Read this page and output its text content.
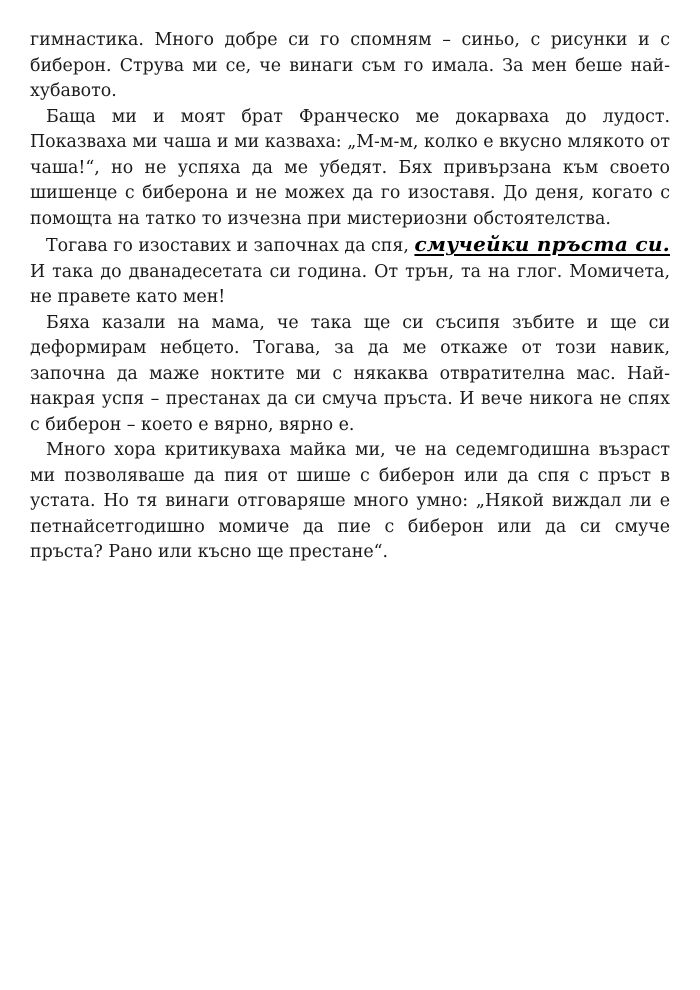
гимнастика. Много добре си го спомням – синьо, с рисунки и с биберон. Струва ми се, че винаги съм го имала. За мен беше най-хубавото.

Баща ми и моят брат Франческо ме докарваха до лудост. Показваха ми чаша и ми казваха: „М-м-м, колко е вкусно млякото от чаша!“, но не успяха да ме убедят. Бях привързана към своето шишенце с биберона и не можех да го изоставя. До деня, когато с помощта на татко то изчезна при мистериозни обстоятелства.

Тогава го изоставих и започнах да спя, смучейки пръста си. И така до дванадесетата си година. От трън, та на глог. Момичета, не правете като мен!

Бяха казали на мама, че така ще си съсипя зъбите и ще си деформирам небцето. Тогава, за да ме откаже от този навик, започна да маже ноктите ми с някаква отвратителна мас. Най-накрая успя – престанах да си смуча пръста. И вече никога не спях с биберон – което е вярно, вярно е.

Много хора критикуваха майка ми, че на седемгодишна възраст ми позволяваше да пия от шише с биберон или да спя с пръст в устата. Но тя винаги отговаряше много умно: „Някой виждал ли е петнайсетгодишно момиче да пие с биберон или да си смуче пръста? Рано или късно ще престане“.
